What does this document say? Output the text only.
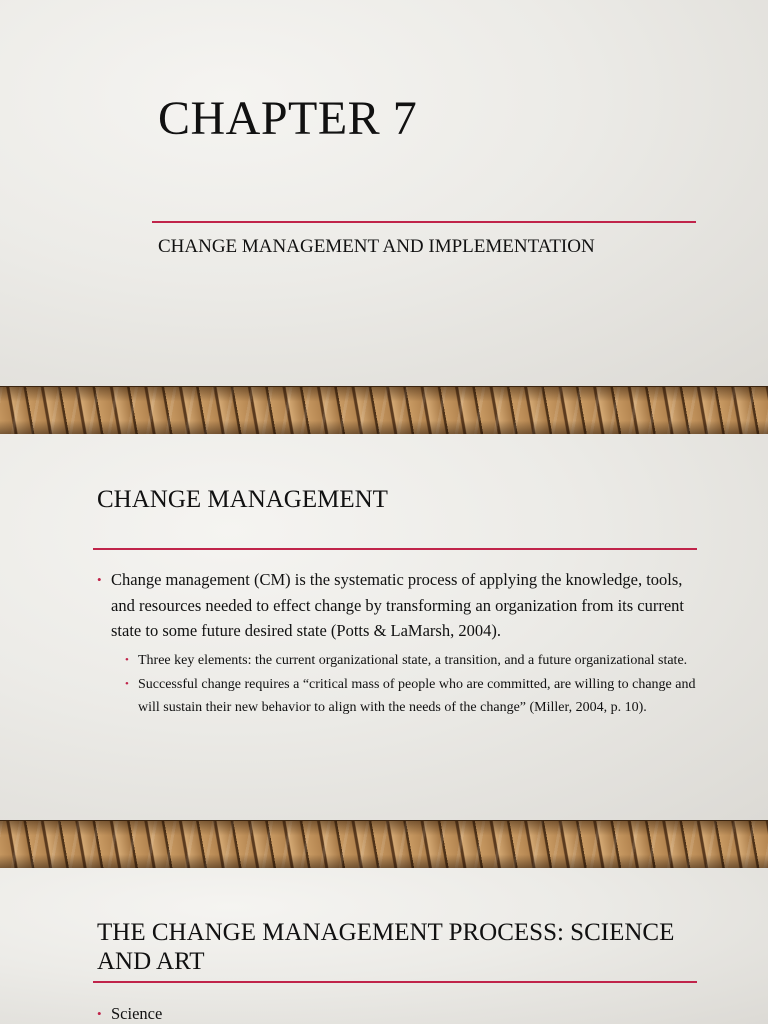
CHAPTER 7
CHANGE MANAGEMENT AND IMPLEMENTATION
CHANGE MANAGEMENT
• Change management (CM) is the systematic process of applying the knowledge, tools, and resources needed to effect change by transforming an organization from its current state to some future desired state (Potts & LaMarsh, 2004).
• Three key elements: the current organizational state, a transition, and a future organizational state.
• Successful change requires a “critical mass of people who are committed, are willing to change and will sustain their new behavior to align with the needs of the change” (Miller, 2004, p. 10).
THE CHANGE MANAGEMENT PROCESS: SCIENCE AND ART
• Science
